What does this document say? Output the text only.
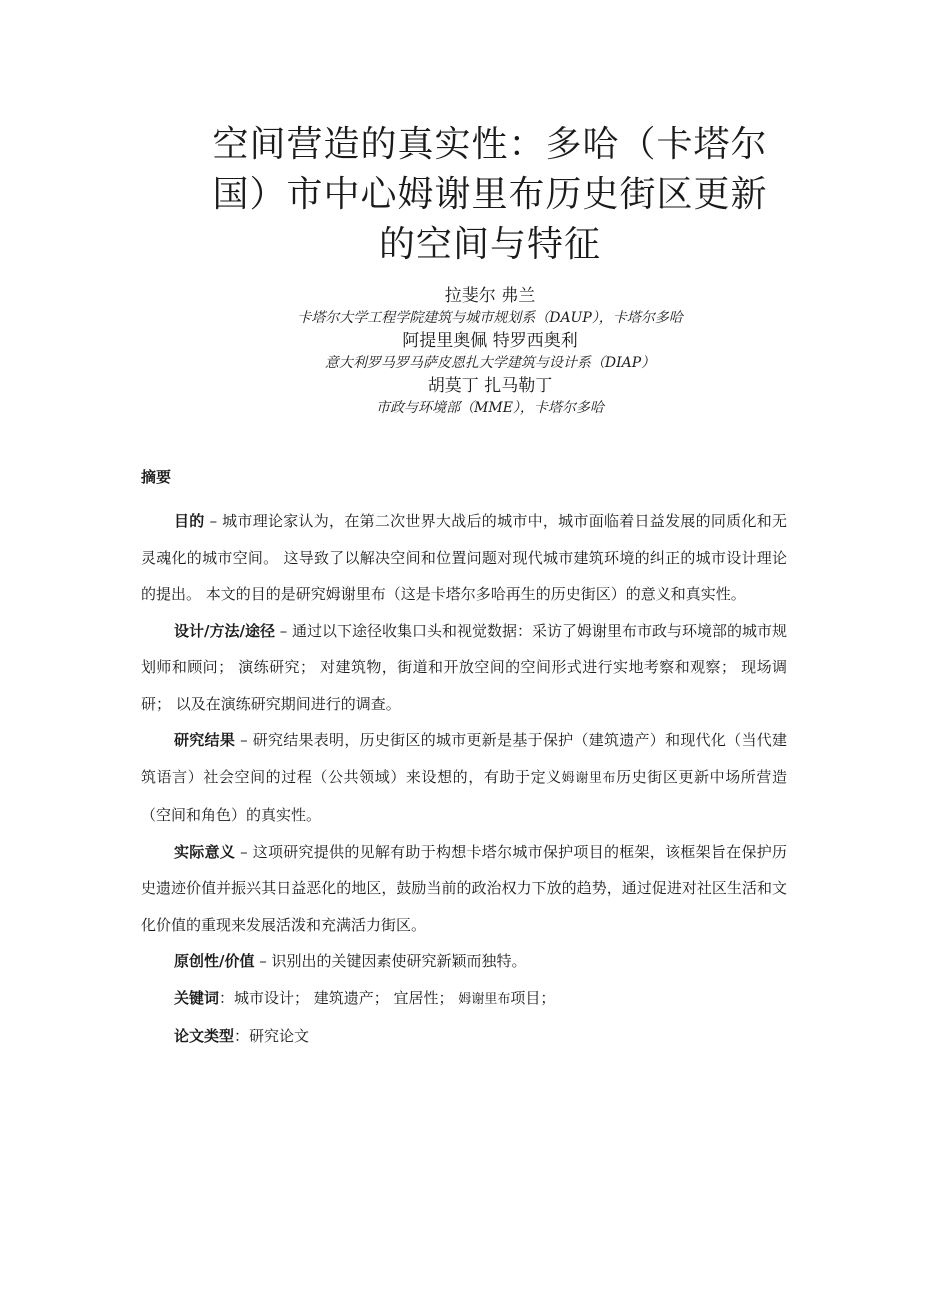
空间营造的真实性：多哈（卡塔尔
国）市中心姆谢里布历史街区更新
的空间与特征
拉斐尔 弗兰
卡塔尔大学工程学院建筑与城市规划系（DAUP），卡塔尔多哈
阿提里奥佩 特罗西奥利
意大利罗马罗马萨皮恩扎大学建筑与设计系（DIAP）
胡莫丁 扎马勒丁
市政与环境部（MME），卡塔尔多哈
摘要

目的 – 城市理论家认为，在第二次世界大战后的城市中，城市面临着日益发展的同质化和无灵魂化的城市空间。 这导致了以解决空间和位置问题对现代城市建筑环境的纠正的城市设计理论的提出。 本文的目的是研究姆谢里布（这是卡塔尔多哈再生的历史街区）的意义和真实性。

设计/方法/途径 – 通过以下途径收集口头和视觉数据：采访了姆谢里布市政与环境部的城市规划师和顾问； 演练研究； 对建筑物，街道和开放空间的空间形式进行实地考察和观察； 现场调研； 以及在演练研究期间进行的调查。

研究结果 – 研究结果表明，历史街区的城市更新是基于保护（建筑遗产）和现代化（当代建筑语言）社会空间的过程（公共领域）来设想的，有助于定义姆谢里布历史街区更新中场所营造（空间和角色）的真实性。

实际意义 – 这项研究提供的见解有助于构想卡塔尔城市保护项目的框架，该框架旨在保护历史遗迹价值并振兴其日益恶化的地区，鼓励当前的政治权力下放的趋势，通过促进对社区生活和文化价值的重现来发展活泼和充满活力街区。

原创性/价值 – 识别出的关键因素使研究新颖而独特。

关键词：城市设计； 建筑遗产； 宜居性； 姆谢里布项目；

论文类型：研究论文
